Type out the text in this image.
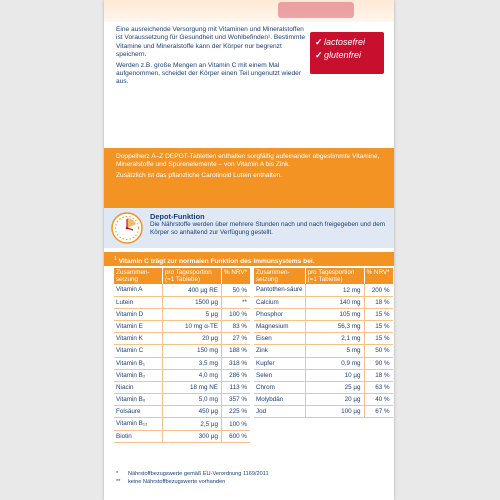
Eine ausreichende Versorgung mit Vitaminen und Mineralstoffen ist Voraussetzung für Gesundheit und Wohlbefinden¹. Bestimmte Vitamine und Mineralstoffe kann der Körper nur begrenzt speichern.

Werden z.B. große Mengen an Vitamin C mit einem Mal aufgenommen, scheidet der Körper einen Teil ungenutzt wieder aus.

✓lactosefrei
✓glutenfrei

Doppelherz A–Z DEPOT-Tabletten enthalten sorgfältig aufeinander abgestimmte Vitamine, Mineralstoffe und Spurenelemente – von Vitamin A bis Zink.

Zusätzlich ist das pflanzliche Carotinoid Lutein enthalten.

Depot-Funktion
Die Nährstoffe werden über mehrere Stunden nach und nach freigegeben und dem Körper so anhaltend zur Verfügung gestellt.
$^1$ Vitamin C trägt zur normalen Funktion des Immunsystems bei.
Zusammen-setzung	pro Tagesportion (=1 Tablette)	% NRV*
Vitamin A	400 µg RE	50 %
Lutein	1500 µg	**
Vitamin D	5 µg	100 %
Vitamin E	10 mg α-TE	83 %
Vitamin K	20 µg	27 %
Vitamin C	150 mg	188 %
Vitamin B₁	3,5 mg	318 %
Vitamin B₂	4,0 mg	286 %
Niacin	18 mg NE	113 %
Vitamin B₆	5,0 mg	357 %
Folsäure	450 µg	225 %
Vitamin B₁₂	2,5 µg	100 %
Biotin	300 µg	600 %
Zusammen-setzung	pro Tagesportion (=1 Tablette)	% NRV*
Pantothen-säure	12 mg	200 %
Calcium	140 mg	18 %
Phosphor	105 mg	15 %
Magnesium	56,3 mg	15 %
Eisen	2,1 mg	15 %
Zink	5 mg	50 %
Kupfer	0,9 mg	90 %
Selen	10 µg	18 %
Chrom	25 µg	63 %
Molybdän	20 µg	40 %
Jod	100 µg	67 %
* Nährstoffbezugswerte gemäß EU-Verordnung 1169/2011
** keine Nährstoffbezugswerte vorhanden
